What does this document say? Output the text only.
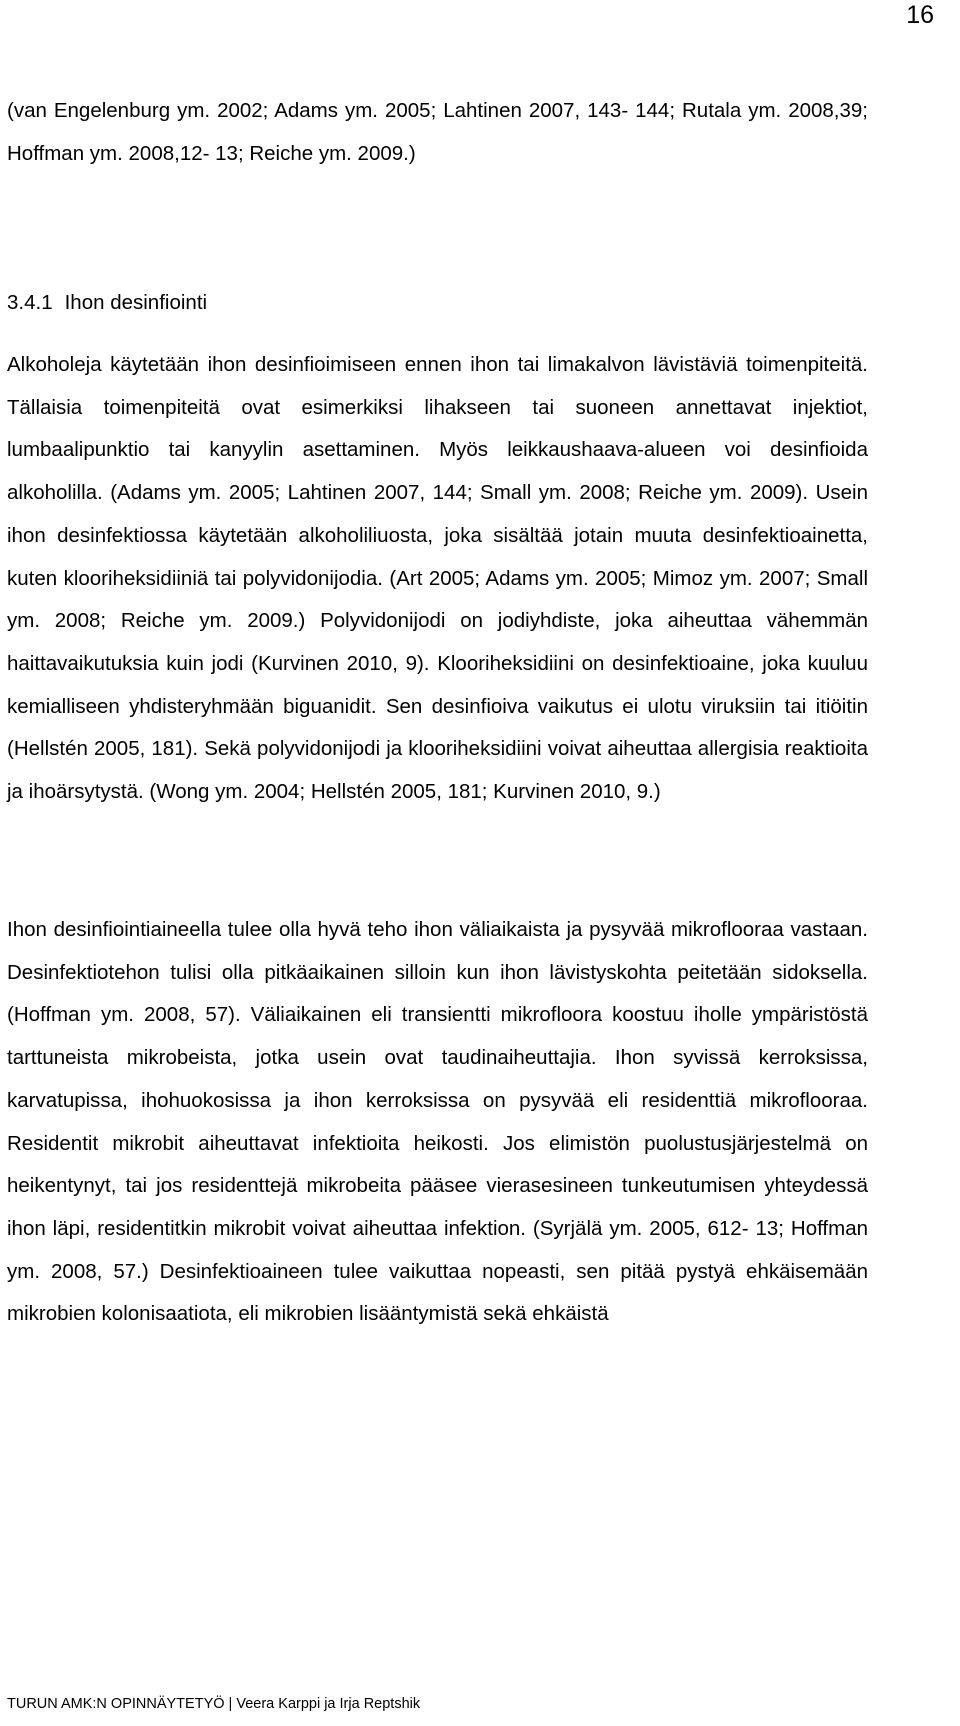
16

(van Engelenburg ym. 2002; Adams ym. 2005; Lahtinen 2007, 143- 144; Rutala ym. 2008,39; Hoffman ym. 2008,12- 13; Reiche ym. 2009.)

3.4.1 Ihon desinfiointi

Alkoholeja käytetään ihon desinfioimiseen ennen ihon tai limakalvon lävistäviä toimenpiteitä. Tällaisia toimenpiteitä ovat esimerkiksi lihakseen tai suoneen annettavat injektiot, lumbaalipunktio tai kanyylin asettaminen. Myös leikkaushaava-alueen voi desinfioida alkoholilla. (Adams ym. 2005; Lahtinen 2007, 144; Small ym. 2008; Reiche ym. 2009). Usein ihon desinfektiossa käytetään alkoholiliuosta, joka sisältää jotain muuta desinfektioainetta, kuten klooriheksidiiniä tai polyvidonijodia. (Art 2005; Adams ym. 2005; Mimoz ym. 2007; Small ym. 2008; Reiche ym. 2009.) Polyvidonijodi on jodiyhdiste, joka aiheuttaa vähemmän haittavaikutuksia kuin jodi (Kurvinen 2010, 9). Klooriheksidiini on desinfektioaine, joka kuuluu kemialliseen yhdisteryhmään biguanidit. Sen desinfioiva vaikutus ei ulotu viruksiin tai itiöitin (Hellstén 2005, 181). Sekä polyvidonijodi ja klooriheksidiini voivat aiheuttaa allergisia reaktioita ja ihoärsytystä. (Wong ym. 2004; Hellstén 2005, 181; Kurvinen 2010, 9.)

Ihon desinfiointiaineella tulee olla hyvä teho ihon väliaikaista ja pysyvää mikroflooraa vastaan. Desinfektiotehon tulisi olla pitkäaikainen silloin kun ihon lävistyskohta peitetään sidoksella. (Hoffman ym. 2008, 57). Väliaikainen eli transientti mikrofloora koostuu iholle ympäristöstä tarttuneista mikrobeista, jotka usein ovat taudinaiheuttajia. Ihon syvissä kerroksissa, karvatupissa, ihohuokosissa ja ihon kerroksissa on pysyvää eli residenttiä mikrofloorаа. Residentit mikrobit aiheuttavat infektioita heikosti. Jos elimistön puolustusjärjestelmä on heikentynyt, tai jos residenttejä mikrobeita pääsee vierasesineen tunkeutumisen yhteydessä ihon läpi, residentitkin mikrobit voivat aiheuttaa infektion. (Syrjälä ym. 2005, 612- 13; Hoffman ym. 2008, 57.) Desinfektioaineen tulee vaikuttaa nopeasti, sen pitää pystyä ehkäisemään mikrobien kolonisaatiota, eli mikrobien lisääntymistä sekä ehkäistä

TURUN AMK:N OPINNÄYTETYÖ | Veera Karppi ja Irja Reptshik
